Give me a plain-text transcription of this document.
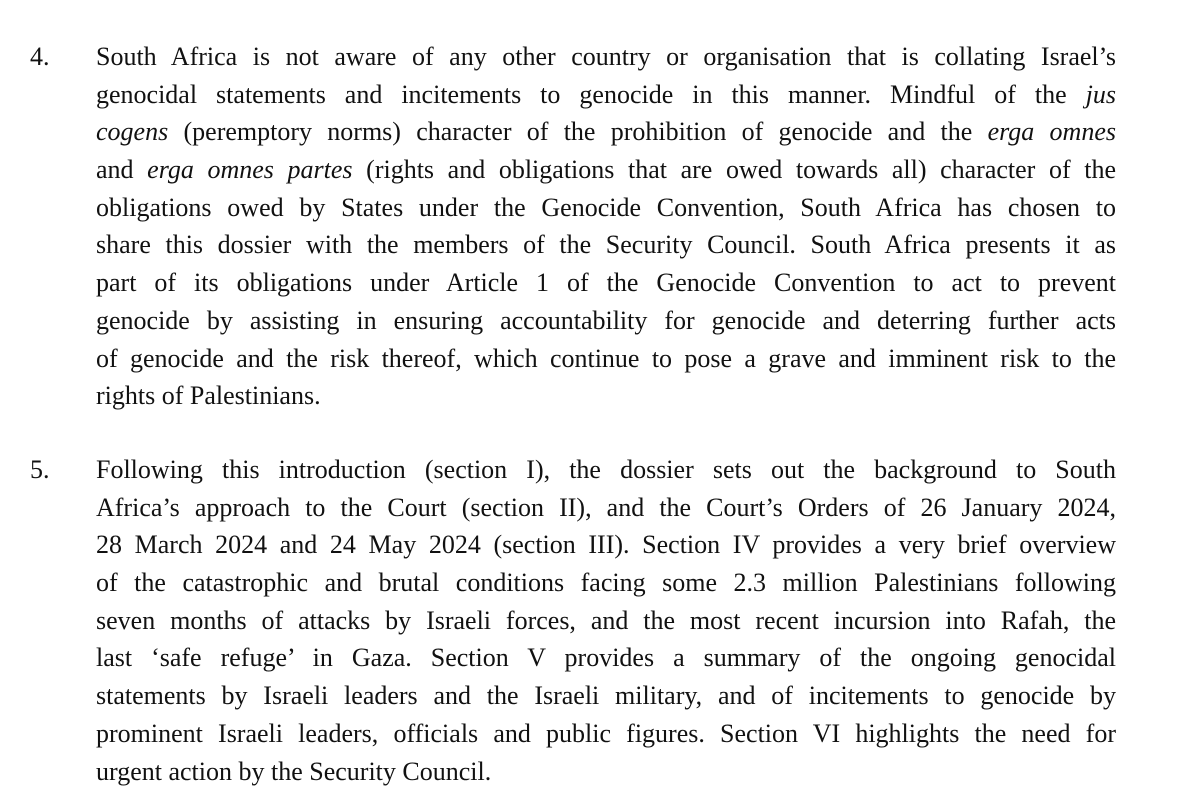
4. South Africa is not aware of any other country or organisation that is collating Israel’s
genocidal statements and incitements to genocide in this manner. Mindful of the jus
cogens (peremptory norms) character of the prohibition of genocide and the erga omnes
and erga omnes partes (rights and obligations that are owed towards all) character of the
obligations owed by States under the Genocide Convention, South Africa has chosen to
share this dossier with the members of the Security Council. South Africa presents it as
part of its obligations under Article 1 of the Genocide Convention to act to prevent
genocide by assisting in ensuring accountability for genocide and deterring further acts
of genocide and the risk thereof, which continue to pose a grave and imminent risk to the
rights of Palestinians.
5. Following this introduction (section I), the dossier sets out the background to South
Africa’s approach to the Court (section II), and the Court’s Orders of 26 January 2024,
28 March 2024 and 24 May 2024 (section III). Section IV provides a very brief overview
of the catastrophic and brutal conditions facing some 2.3 million Palestinians following
seven months of attacks by Israeli forces, and the most recent incursion into Rafah, the
last ‘safe refuge’ in Gaza. Section V provides a summary of the ongoing genocidal
statements by Israeli leaders and the Israeli military, and of incitements to genocide by
prominent Israeli leaders, officials and public figures. Section VI highlights the need for
urgent action by the Security Council.
